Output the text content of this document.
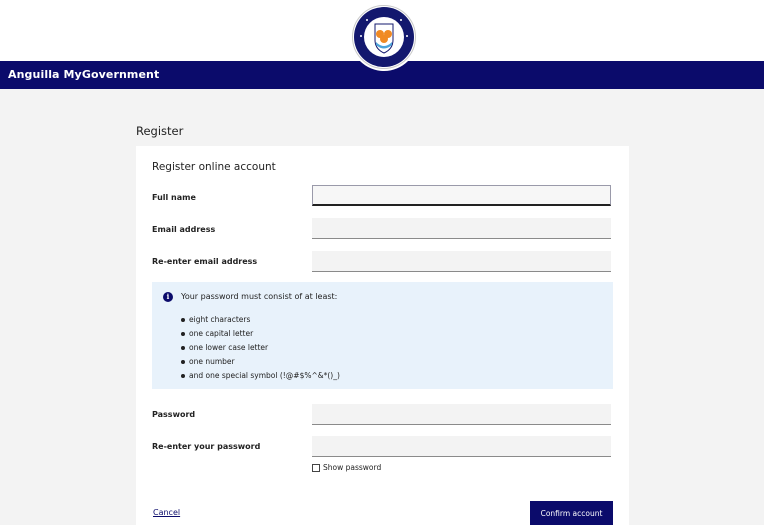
Anguilla MyGovernment
Register
Register online account
Full name
Email address
Re-enter email address
i	Your password must consist of at least:
eight characters
one capital letter
one lower case letter
one number
and one special symbol (!@#$%^&*()_)
Password
Re-enter your password
Show password
Cancel	Confirm account
